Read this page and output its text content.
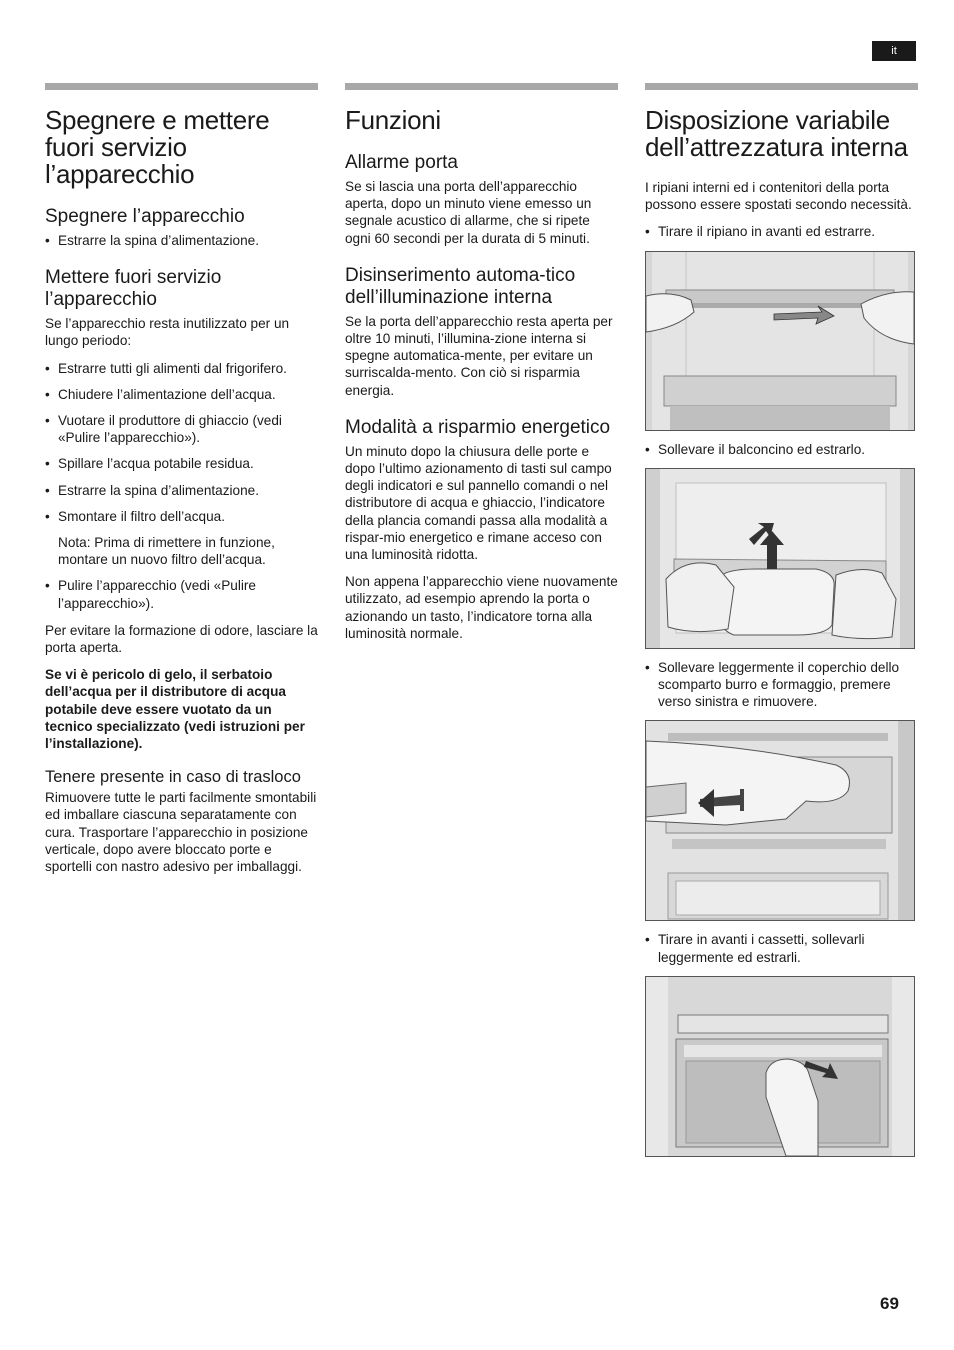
it
Spegnere e mettere fuori servizio l’apparecchio
Spegnere l’apparecchio
• Estrarre la spina d’alimentazione.
Mettere fuori servizio l’apparecchio

Se l’apparecchio resta inutilizzato per un lungo periodo:

• Estrarre tutti gli alimenti dal frigorifero.
• Chiudere l’alimentazione dell’acqua.
• Vuotare il produttore di ghiaccio (vedi «Pulire l’apparecchio»).
• Spillare l’acqua potabile residua.
• Estrarre la spina d’alimentazione.
• Smontare il filtro dell’acqua.
Nota: Prima di rimettere in funzione, montare un nuovo filtro dell’acqua.
• Pulire l’apparecchio (vedi «Pulire l’apparecchio»).

Per evitare la formazione di odore, lasciare la porta aperta.

Se vi è pericolo di gelo, il serbatoio dell’acqua per il distributore di acqua potabile deve essere vuotato da un tecnico specializzato (vedi istruzioni per l’installazione).

Tenere presente in caso di trasloco

Rimuovere tutte le parti facilmente smontabili ed imballare ciascuna separatamente con cura. Trasportare l’apparecchio in posizione verticale, dopo avere bloccato porte e sportelli con nastro adesivo per imballaggi.

Funzioni
Allarme porta

Se si lascia una porta dell’apparecchio aperta, dopo un minuto viene emesso un segnale acustico di allarme, che si ripete ogni 60 secondi per la durata di 5 minuti.

Disinserimento automa-tico dell’illuminazione interna

Se la porta dell’apparecchio resta aperta per oltre 10 minuti, l’illumina-zione interna si spegne automatica-mente, per evitare un surriscalda-mento. Con ciò si risparmia energia.

Modalità a risparmio energetico

Un minuto dopo la chiusura delle porte e dopo l’ultimo azionamento di tasti sul campo degli indicatori e sul pannello comandi o nel distributore di acqua e ghiaccio, l’indicatore della plancia comandi passa alla modalità a rispar-mio energetico e rimane acceso con una luminosità ridotta.

Non appena l’apparecchio viene nuovamente utilizzato, ad esempio aprendo la porta o azionando un tasto, l’indicatore torna alla luminosità normale.

Disposizione variabile dell’attrezzatura interna

I ripiani interni ed i contenitori della porta possono essere spostati secondo necessità.

• Tirare il ripiano in avanti ed estrarre.
• Sollevare il balconcino ed estrarlo.
• Sollevare leggermente il coperchio dello scomparto burro e formaggio, premere verso sinistra e rimuovere.
• Tirare in avanti i cassetti, sollevarli leggermente ed estrarli.
69
